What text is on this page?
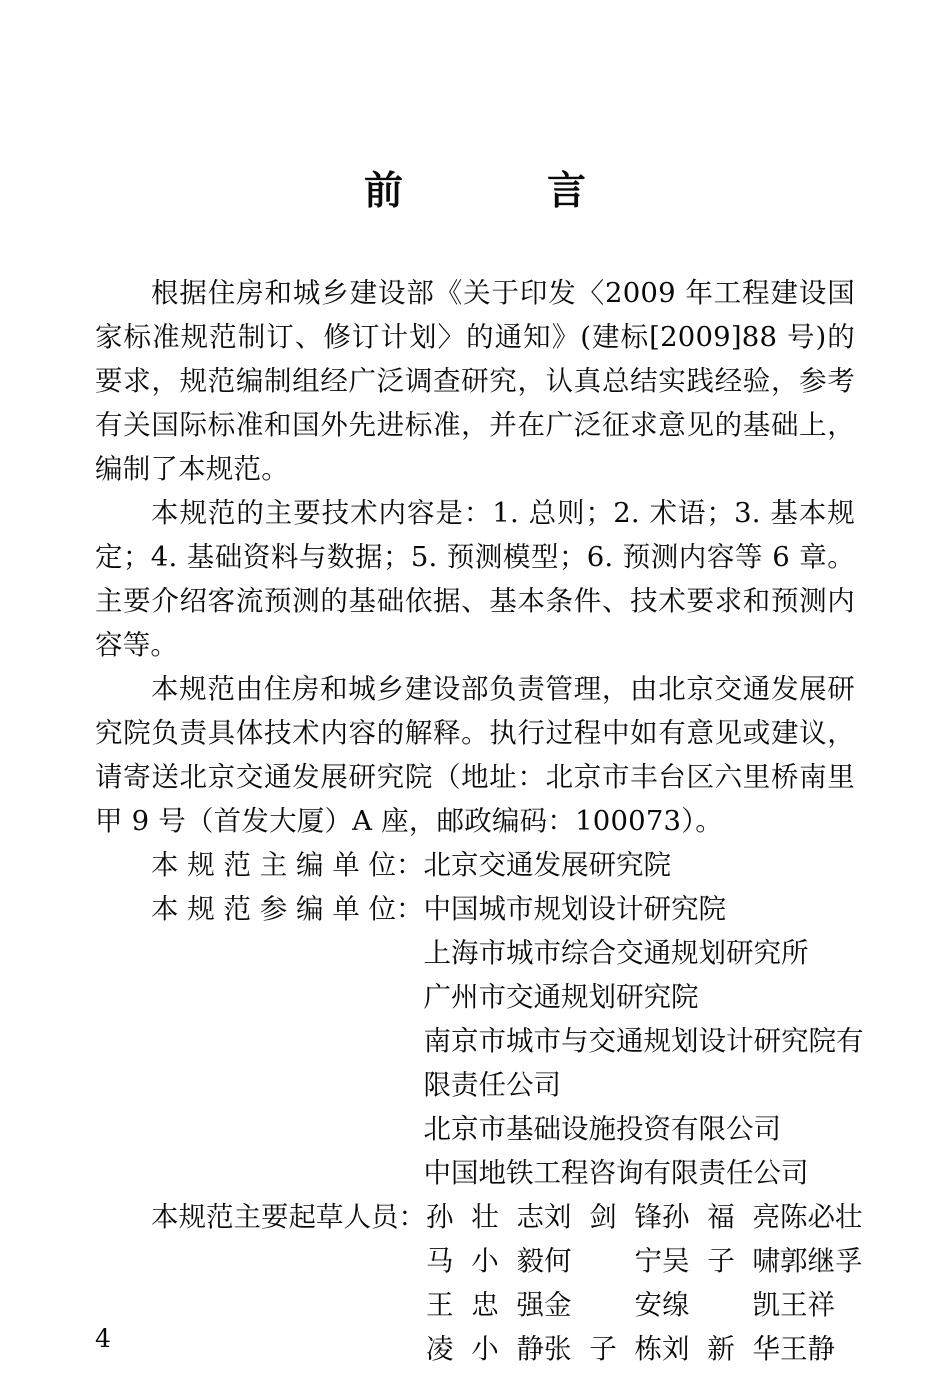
前　　言

根据住房和城乡建设部《关于印发〈2009 年工程建设国家标准规范制订、修订计划〉的通知》(建标[2009]88 号)的要求，规范编制组经广泛调查研究，认真总结实践经验，参考有关国际标准和国外先进标准，并在广泛征求意见的基础上，编制了本规范。

本规范的主要技术内容是：1. 总则；2. 术语；3. 基本规定；4. 基础资料与数据；5. 预测模型；6. 预测内容等 6 章。主要介绍客流预测的基础依据、基本条件、技术要求和预测内容等。

本规范由住房和城乡建设部负责管理，由北京交通发展研究院负责具体技术内容的解释。执行过程中如有意见或建议，请寄送北京交通发展研究院（地址：北京市丰台区六里桥南里甲 9 号（首发大厦）A 座，邮政编码：100073）。

本 规 范 主 编 单 位： 北京交通发展研究院
本 规 范 参 编 单 位： 中国城市规划设计研究院
上海市城市综合交通规划研究所
广州市交通规划研究院
南京市城市与交通规划设计研究院有
限责任公司
北京市基础设施投资有限公司
中国地铁工程咨询有限责任公司
本规范主要起草人员： 孙壮志 刘剑锋 孙福亮 陈必壮
马小毅 何宁 吴子啸 郭继孚
王忠强 金安 缐凯 王祥
凌小静 张子栋 刘新华 王静
4
